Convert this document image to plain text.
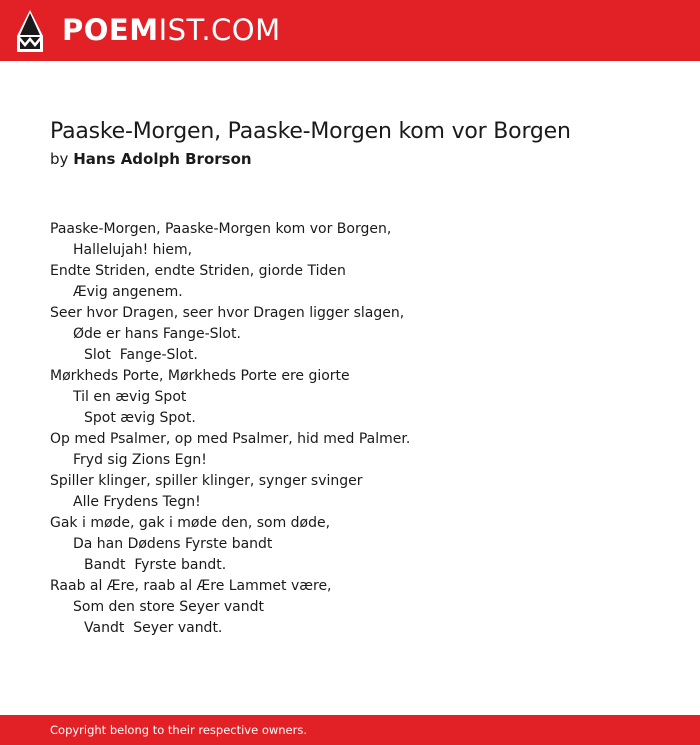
POEMIST.COM
Paaske-Morgen, Paaske-Morgen kom vor Borgen
by Hans Adolph Brorson
Paaske-Morgen, Paaske-Morgen kom vor Borgen,
Hallelujah! hiem,
Endte Striden, endte Striden, giorde Tiden
Ævig angenem.
Seer hvor Dragen, seer hvor Dragen ligger slagen,
Øde er hans Fange-Slot.
Slot  Fange-Slot.
Mørkheds Porte, Mørkheds Porte ere giorte
Til en ævig Spot
Spot ævig Spot.
Op med Psalmer, op med Psalmer, hid med Palmer.
Fryd sig Zions Egn!
Spiller klinger, spiller klinger, synger svinger
Alle Frydens Tegn!
Gak i møde, gak i møde den, som døde,
Da han Dødens Fyrste bandt
Bandt  Fyrste bandt.
Raab al Ære, raab al Ære Lammet være,
Som den store Seyer vandt
Vandt  Seyer vandt.
Copyright belong to their respective owners.
